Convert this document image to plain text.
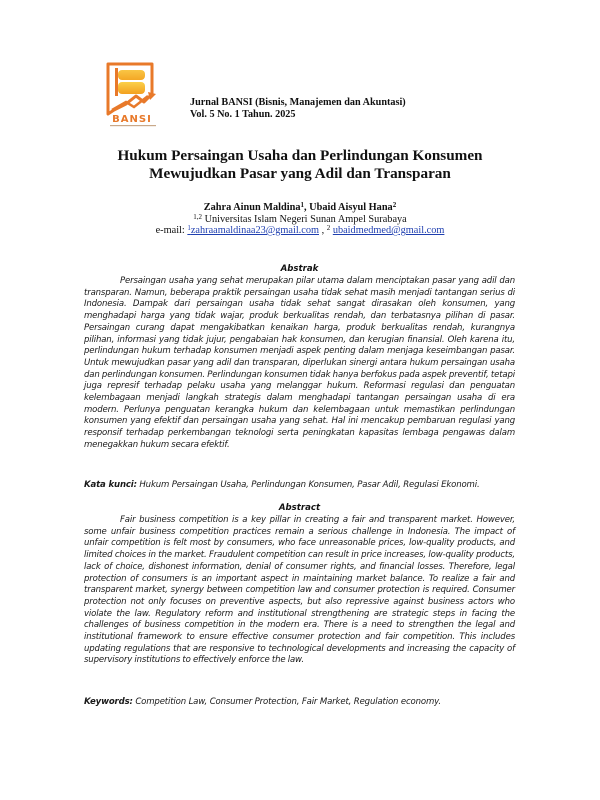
BANSI
Jurnal BANSI (Bisnis, Manajemen dan Akuntasi)
Vol. 5 No. 1 Tahun. 2025
Hukum Persaingan Usaha dan Perlindungan Konsumen
Mewujudkan Pasar yang Adil dan Transparan
Zahra Ainun Maldina$^1$, Ubaid Aisyul Hana$^2$
$^{1,2}$ Universitas Islam Negeri Sunan Ampel Surabaya
e-mail: $^1$zahraamaldinaa23@gmail.com , $^2$ ubaidmedmed@gmail.com
Abstrak

Persaingan usaha yang sehat merupakan pilar utama dalam menciptakan pasar yang adil dan transparan. Namun, beberapa praktik persaingan usaha tidak sehat masih menjadi tantangan serius di Indonesia. Dampak dari persaingan usaha tidak sehat sangat dirasakan oleh konsumen, yang menghadapi harga yang tidak wajar, produk berkualitas rendah, dan terbatasnya pilihan di pasar. Persaingan curang dapat mengakibatkan kenaikan harga, produk berkualitas rendah, kurangnya pilihan, informasi yang tidak jujur, pengabaian hak konsumen, dan kerugian finansial. Oleh karena itu, perlindungan hukum terhadap konsumen menjadi aspek penting dalam menjaga keseimbangan pasar. Untuk mewujudkan pasar yang adil dan transparan, diperlukan sinergi antara hukum persaingan usaha dan perlindungan konsumen. Perlindungan konsumen tidak hanya berfokus pada aspek preventif, tetapi juga represif terhadap pelaku usaha yang melanggar hukum. Reformasi regulasi dan penguatan kelembagaan menjadi langkah strategis dalam menghadapi tantangan persaingan usaha di era modern. Perlunya penguatan kerangka hukum dan kelembagaan untuk memastikan perlindungan konsumen yang efektif dan persaingan usaha yang sehat. Hal ini mencakup pembaruan regulasi yang responsif terhadap perkembangan teknologi serta peningkatan kapasitas lembaga pengawas dalam menegakkan hukum secara efektif.

Kata kunci: Hukum Persaingan Usaha, Perlindungan Konsumen, Pasar Adil, Regulasi Ekonomi.
Abstract

Fair business competition is a key pillar in creating a fair and transparent market. However, some unfair business competition practices remain a serious challenge in Indonesia. The impact of unfair competition is felt most by consumers, who face unreasonable prices, low-quality products, and limited choices in the market. Fraudulent competition can result in price increases, low-quality products, lack of choice, dishonest information, denial of consumer rights, and financial losses. Therefore, legal protection of consumers is an important aspect in maintaining market balance. To realize a fair and transparent market, synergy between competition law and consumer protection is required. Consumer protection not only focuses on preventive aspects, but also repressive against business actors who violate the law. Regulatory reform and institutional strengthening are strategic steps in facing the challenges of business competition in the modern era. There is a need to strengthen the legal and institutional framework to ensure effective consumer protection and fair competition. This includes updating regulations that are responsive to technological developments and increasing the capacity of supervisory institutions to effectively enforce the law.

Keywords: Competition Law, Consumer Protection, Fair Market, Regulation economy.
